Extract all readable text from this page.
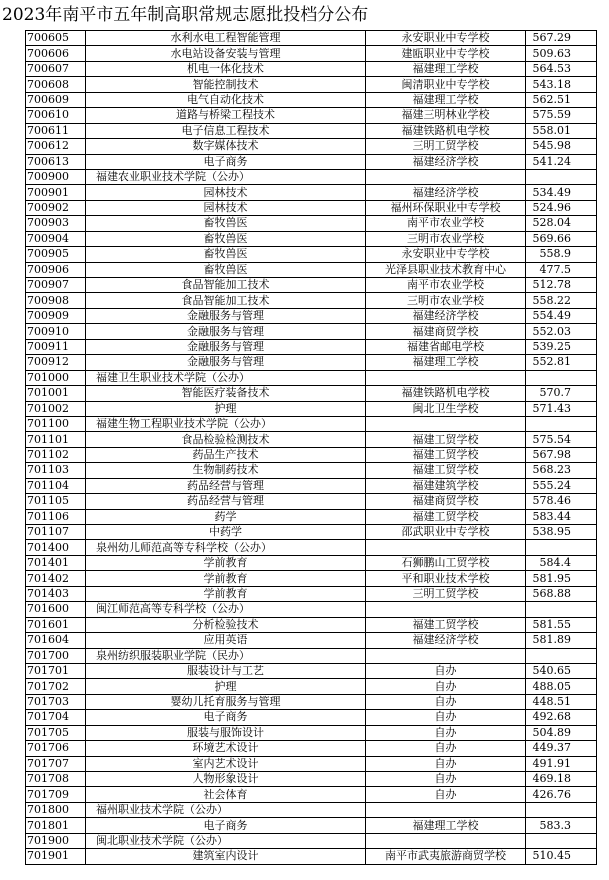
2023年南平市五年制高职常规志愿批投档分公布
700605	水利水电工程智能管理	永安职业中专学校	567.29
700606	水电站设备安装与管理	建瓯职业中专学校	509.63
700607	机电一体化技术	福建理工学校	564.53
700608	智能控制技术	闽清职业中专学校	543.18
700609	电气自动化技术	福建理工学校	562.51
700610	道路与桥梁工程技术	福建三明林业学校	575.59
700611	电子信息工程技术	福建铁路机电学校	558.01
700612	数字媒体技术	三明工贸学校	545.98
700613	电子商务	福建经济学校	541.24
700900	福建农业职业技术学院（公办）		
700901	园林技术	福建经济学校	534.49
700902	园林技术	福州环保职业中专学校	524.96
700903	畜牧兽医	南平市农业学校	528.04
700904	畜牧兽医	三明市农业学校	569.66
700905	畜牧兽医	永安职业中专学校	558.9
700906	畜牧兽医	光泽县职业技术教育中心	477.5
700907	食品智能加工技术	南平市农业学校	512.78
700908	食品智能加工技术	三明市农业学校	558.22
700909	金融服务与管理	福建经济学校	554.49
700910	金融服务与管理	福建商贸学校	552.03
700911	金融服务与管理	福建省邮电学校	539.25
700912	金融服务与管理	福建理工学校	552.81
701000	福建卫生职业技术学院（公办）		
701001	智能医疗装备技术	福建铁路机电学校	570.7
701002	护理	闽北卫生学校	571.43
701100	福建生物工程职业技术学院（公办）		
701101	食品检验检测技术	福建工贸学校	575.54
701102	药品生产技术	福建工贸学校	567.98
701103	生物制药技术	福建工贸学校	568.23
701104	药品经营与管理	福建建筑学校	555.24
701105	药品经营与管理	福建商贸学校	578.46
701106	药学	福建工贸学校	583.44
701107	中药学	邵武职业中专学校	538.95
701400	泉州幼儿师范高等专科学校（公办）		
701401	学前教育	石狮鹏山工贸学校	584.4
701402	学前教育	平和职业技术学校	581.95
701403	学前教育	三明工贸学校	568.88
701600	闽江师范高等专科学校（公办）		
701601	分析检验技术	福建工贸学校	581.55
701604	应用英语	福建经济学校	581.89
701700	泉州纺织服装职业学院（民办）		
701701	服装设计与工艺	自办	540.65
701702	护理	自办	488.05
701703	婴幼儿托育服务与管理	自办	448.51
701704	电子商务	自办	492.68
701705	服装与服饰设计	自办	504.89
701706	环境艺术设计	自办	449.37
701707	室内艺术设计	自办	491.91
701708	人物形象设计	自办	469.18
701709	社会体育	自办	426.76
701800	福州职业技术学院（公办）		
701801	电子商务	福建理工学校	583.3
701900	闽北职业技术学院（公办）		
701901	建筑室内设计	南平市武夷旅游商贸学校	510.45
